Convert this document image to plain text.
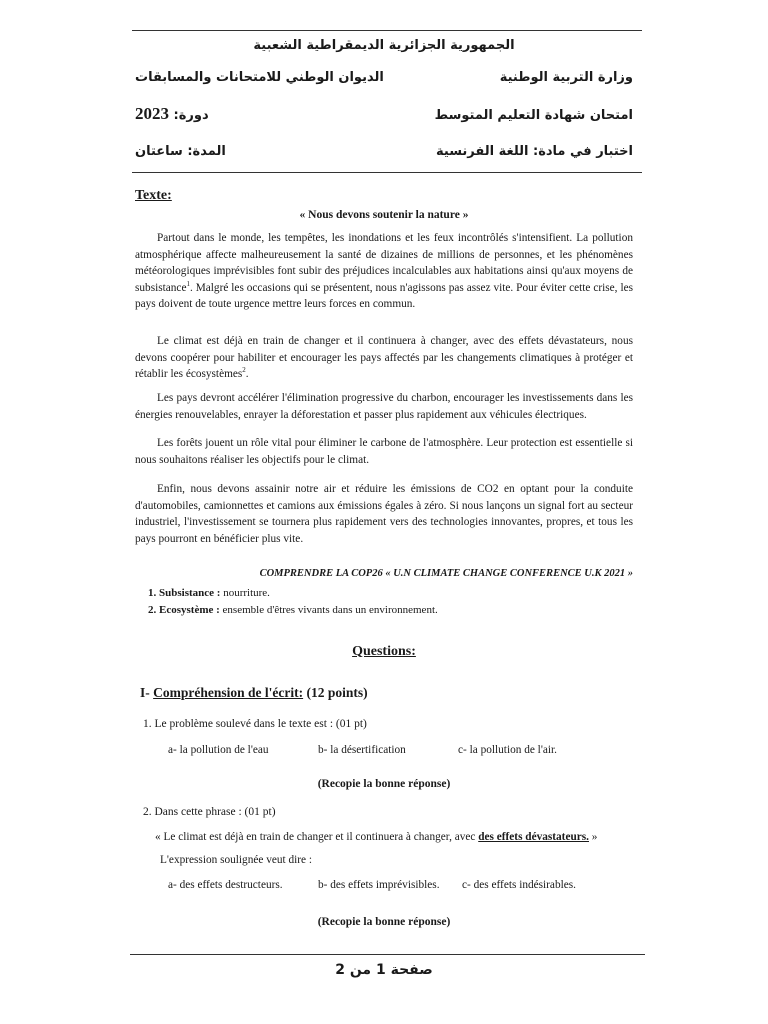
الجمهورية الجزائرية الديمقراطية الشعبية
وزارة التربية الوطنية
الديوان الوطني للامتحانات والمسابقات
امتحان شهادة التعليم المتوسط
دورة: 2023
اختبار في مادة: اللغة الفرنسية
المدة: ساعتان
Texte:
« Nous devons soutenir la nature »

Partout dans le monde, les tempêtes, les inondations et les feux incontrôlés s'intensifient. La pollution atmosphérique affecte malheureusement la santé de dizaines de millions de personnes, et les phénomènes météorologiques imprévisibles font subir des préjudices incalculables aux habitations ainsi qu'aux moyens de subsistance$^1$. Malgré les occasions qui se présentent, nous n'agissons pas assez vite. Pour éviter cette crise, les pays doivent de toute urgence mettre leurs forces en commun.

Le climat est déjà en train de changer et il continuera à changer, avec des effets dévastateurs, nous devons coopérer pour habiliter et encourager les pays affectés par les changements climatiques à protéger et rétablir les écosystèmes$^2$.

Les pays devront accélérer l'élimination progressive du charbon, encourager les investissements dans les énergies renouvelables, enrayer la déforestation et passer plus rapidement aux véhicules électriques.

Les forêts jouent un rôle vital pour éliminer le carbone de l'atmosphère. Leur protection est essentielle si nous souhaitons réaliser les objectifs pour le climat.

Enfin, nous devons assainir notre air et réduire les émissions de CO2 en optant pour la conduite d'automobiles, camionnettes et camions aux émissions égales à zéro. Si nous lançons un signal fort au secteur industriel, l'investissement se tournera plus rapidement vers des technologies innovantes, propres, et tous les pays pourront en bénéficier plus vite.

COMPRENDRE LA COP26 « U.N CLIMATE CHANGE CONFERENCE U.K 2021 »
1. Subsistance : nourriture.
2. Ecosystème : ensemble d'êtres vivants dans un environnement.
Questions:
I- Compréhension de l'écrit: (12 points)
1. Le problème soulevé dans le texte est : (01 pt)
a- la pollution de l'eau	b- la désertification	c- la pollution de l'air.
(Recopie la bonne réponse)
2. Dans cette phrase : (01 pt)
« Le climat est déjà en train de changer et il continuera à changer, avec des effets dévastateurs. »
L'expression soulignée veut dire :
a- des effets destructeurs.	b- des effets imprévisibles. c- des effets indésirables.
(Recopie la bonne réponse)
صفحة 1 من 2
